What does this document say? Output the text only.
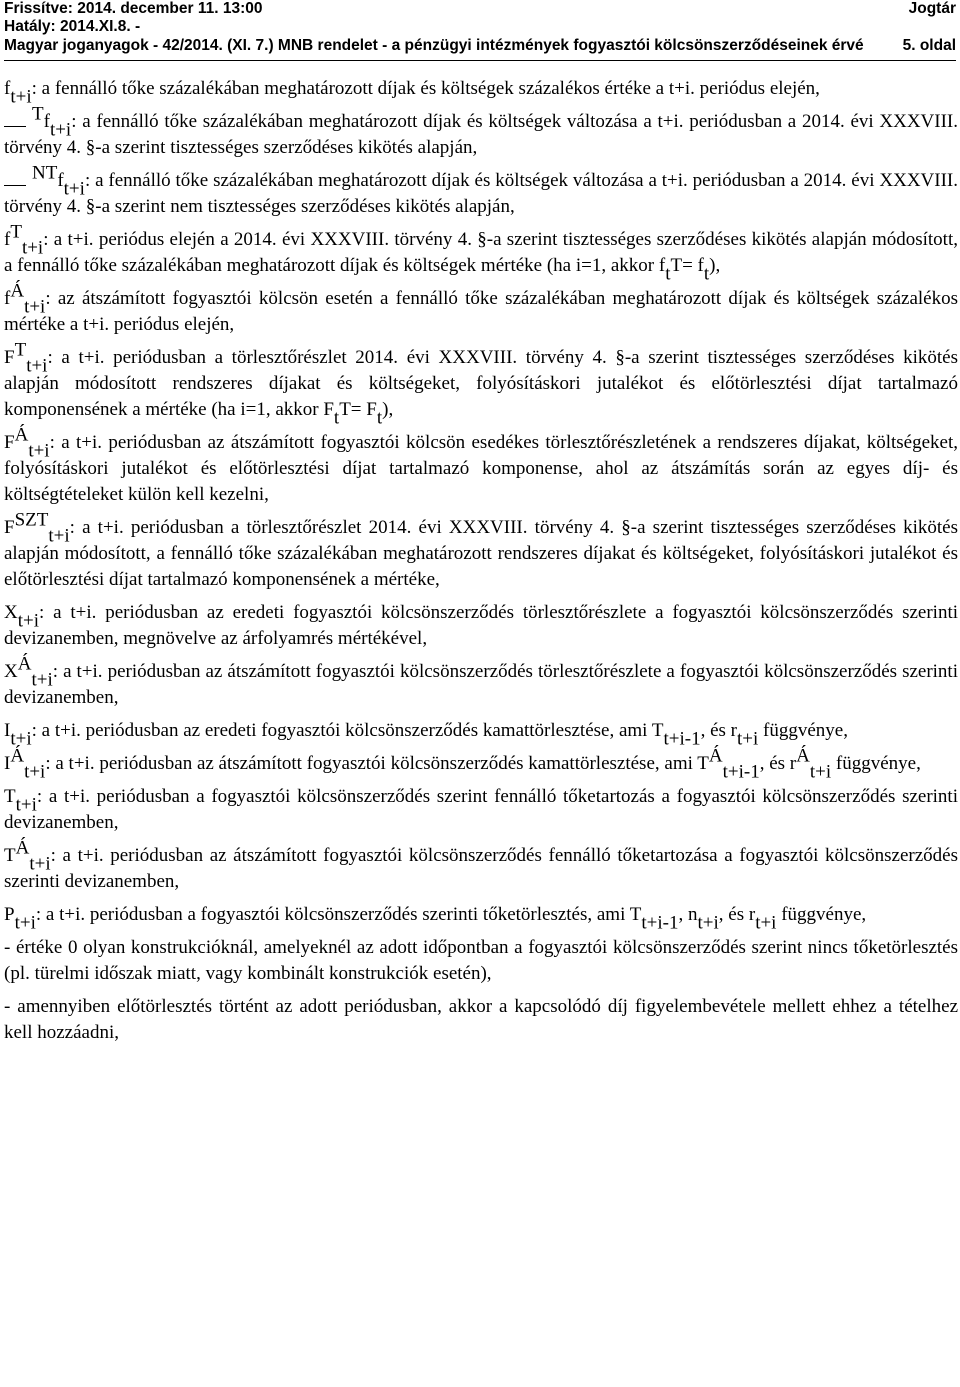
Frissítve: 2014. december 11. 13:00	Jogtár
Hatály: 2014.XI.8. -
Magyar joganyagok - 42/2014. (XI. 7.) MNB rendelet - a pénzügyi intézmények fogyasztói kölcsönszerződéseinek érvé	5. oldal

$f_{t+i}$: a fennálló tőke százalékában meghatározott díjak és költségek százalékos értéke a t+i. periódus elején,

$^Tf_{t+i}$: a fennálló tőke százalékában meghatározott díjak és költségek változása a t+i. periódusban a 2014. évi XXXVIII. törvény 4. §-a szerint tisztességes szerződéses kikötés alapján,

$^{NT}f_{t+i}$: a fennálló tőke százalékában meghatározott díjak és költségek változása a t+i. periódusban a 2014. évi XXXVIII. törvény 4. §-a szerint nem tisztességes szerződéses kikötés alapján,

$f^T_{t+i}$: a t+i. periódus elején a 2014. évi XXXVIII. törvény 4. §-a szerint tisztességes szerződéses kikötés alapján módosított, a fennálló tőke százalékában meghatározott díjak és költségek mértéke (ha i=1, akkor $f_tT= f_t$),

$f^Á_{t+i}$: az átszámított fogyasztói kölcsön esetén a fennálló tőke százalékában meghatározott díjak és költségek százalékos mértéke a t+i. periódus elején,

$F^T_{t+i}$: a t+i. periódusban a törlesztőrészlet 2014. évi XXXVIII. törvény 4. §-a szerint tisztességes szerződéses kikötés alapján módosított rendszeres díjakat és költségeket, folyósításkori jutalékot és előtörlesztési díjat tartalmazó komponensének a mértéke (ha i=1, akkor $F_tT= F_t$),

$F^Á_{t+i}$: a t+i. periódusban az átszámított fogyasztói kölcsön esedékes törlesztőrészletének a rendszeres díjakat, költségeket, folyósításkori jutalékot és előtörlesztési díjat tartalmazó komponense, ahol az átszámítás során az egyes díj- és költségtételeket külön kell kezelni,

$F^{SZT}_{t+i}$: a t+i. periódusban a törlesztőrészlet 2014. évi XXXVIII. törvény 4. §-a szerint tisztességes szerződéses kikötés alapján módosított, a fennálló tőke százalékában meghatározott rendszeres díjakat és költségeket, folyósításkori jutalékot és előtörlesztési díjat tartalmazó komponensének a mértéke,

$X_{t+i}$: a t+i. periódusban az eredeti fogyasztói kölcsönszerződés törlesztőrészlete a fogyasztói kölcsönszerződés szerinti devizanemben, megnövelve az árfolyamrés mértékével,

$X^Á_{t+i}$: a t+i. periódusban az átszámított fogyasztói kölcsönszerződés törlesztőrészlete a fogyasztói kölcsönszerződés szerinti devizanemben,

$I_{t+i}$: a t+i. periódusban az eredeti fogyasztói kölcsönszerződés kamattörlesztése, ami $T_{t+i-1}$, és $r_{t+i}$ függvénye,

$I^Á_{t+i}$: a t+i. periódusban az átszámított fogyasztói kölcsönszerződés kamattörlesztése, ami $T^Á_{t+i-1}$, és $r^Á_{t+i}$ függvénye,

$T_{t+i}$: a t+i. periódusban a fogyasztói kölcsönszerződés szerint fennálló tőketartozás a fogyasztói kölcsönszerződés szerinti devizanemben,

$T^Á_{t+i}$: a t+i. periódusban az átszámított fogyasztói kölcsönszerződés fennálló tőketartozása a fogyasztói kölcsönszerződés szerinti devizanemben,

$P_{t+i}$: a t+i. periódusban a fogyasztói kölcsönszerződés szerinti tőketörlesztés, ami $T_{t+i-1}$, $n_{t+i}$, és $r_{t+i}$ függvénye,

- értéke 0 olyan konstrukcióknál, amelyeknél az adott időpontban a fogyasztói kölcsönszerződés szerint nincs tőketörlesztés (pl. türelmi időszak miatt, vagy kombinált konstrukciók esetén),

- amennyiben előtörlesztés történt az adott periódusban, akkor a kapcsolódó díj figyelembevétele mellett ehhez a tételhez kell hozzáadni,
